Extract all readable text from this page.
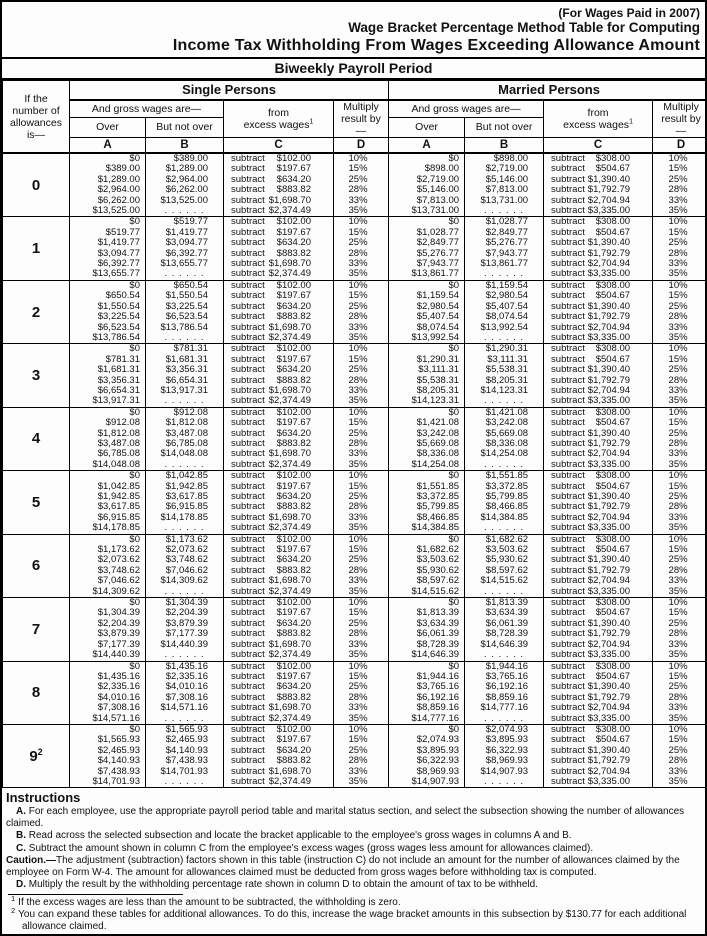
(For Wages Paid in 2007)
Wage Bracket Percentage Method Table for Computing
Income Tax Withholding From Wages Exceeding Allowance Amount
Biweekly Payroll Period
If the number of allowances is—	Single Persons				Married Persons			
	And gross wages are—		from
excess wages$^1$	Multiply result by—	And gross wages are—		from
excess wages$^1$	Multiply result by—
	Over	But not over			Over	But not over		
	A	B	C	D	A	B	C	D
0	$0	$389.00	subtract $102.00	10%	$0	$898.00	subtract $308.00	10%
	$389.00	$1,289.00	subtract $197.67	15%	$898.00	$2,719.00	subtract $504.67	15%
	$1,289.00	$2,964.00	subtract $634.20	25%	$2,719.00	$5,146.00	subtract $1,390.40	25%
	$2,964.00	$6,262.00	subtract $883.82	28%	$5,146.00	$7,813.00	subtract $1,792.79	28%
	$6,262.00	$13,525.00	subtract $1,698.70	33%	$7,813.00	$13,731.00	subtract $2,704.94	33%
	$13,525.00	. . . . . .	subtract $2,374.49	35%	$13,731.00	. . . . . .	subtract $3,335.00	35%
1	$0	$519.77	subtract $102.00	10%	$0	$1,028.77	subtract $308.00	10%
	$519.77	$1,419.77	subtract $197.67	15%	$1,028.77	$2,849.77	subtract $504.67	15%
	$1,419.77	$3,094.77	subtract $634.20	25%	$2,849.77	$5,276.77	subtract $1,390.40	25%
	$3,094.77	$6,392.77	subtract $883.82	28%	$5,276.77	$7,943.77	subtract $1,792.79	28%
	$6,392.77	$13,655.77	subtract $1,698.70	33%	$7,943.77	$13,861.77	subtract $2,704.94	33%
	$13,655.77	. . . . . .	subtract $2,374.49	35%	$13,861.77	. . . . . .	subtract $3,335.00	35%
2	$0	$650.54	subtract $102.00	10%	$0	$1,159.54	subtract $308.00	10%
	$650.54	$1,550.54	subtract $197.67	15%	$1,159.54	$2,980.54	subtract $504.67	15%
	$1,550.54	$3,225.54	subtract $634.20	25%	$2,980.54	$5,407.54	subtract $1,390.40	25%
	$3,225.54	$6,523.54	subtract $883.82	28%	$5,407.54	$8,074.54	subtract $1,792.79	28%
	$6,523.54	$13,786.54	subtract $1,698.70	33%	$8,074.54	$13,992.54	subtract $2,704.94	33%
	$13,786.54	. . . . . .	subtract $2,374.49	35%	$13,992.54	. . . . . .	subtract $3,335.00	35%
3	$0	$781.31	subtract $102.00	10%	$0	$1,290.31	subtract $308.00	10%
	$781.31	$1,681.31	subtract $197.67	15%	$1,290.31	$3,111.31	subtract $504.67	15%
	$1,681.31	$3,356.31	subtract $634.20	25%	$3,111.31	$5,538.31	subtract $1,390.40	25%
	$3,356.31	$6,654.31	subtract $883.82	28%	$5,538.31	$8,205.31	subtract $1,792.79	28%
	$6,654.31	$13,917.31	subtract $1,698.70	33%	$8,205.31	$14,123.31	subtract $2,704.94	33%
	$13,917.31	. . . . . .	subtract $2,374.49	35%	$14,123.31	. . . . . .	subtract $3,335.00	35%
4	$0	$912.08	subtract $102.00	10%	$0	$1,421.08	subtract $308.00	10%
	$912.08	$1,812.08	subtract $197.67	15%	$1,421.08	$3,242.08	subtract $504.67	15%
	$1,812.08	$3,487.08	subtract $634.20	25%	$3,242.08	$5,669.08	subtract $1,390.40	25%
	$3,487.08	$6,785.08	subtract $883.82	28%	$5,669.08	$8,336.08	subtract $1,792.79	28%
	$6,785.08	$14,048.08	subtract $1,698.70	33%	$8,336.08	$14,254.08	subtract $2,704.94	33%
	$14,048.08	. . . . . .	subtract $2,374.49	35%	$14,254.08	. . . . . .	subtract $3,335.00	35%
5	$0	$1,042.85	subtract $102.00	10%	$0	$1,551.85	subtract $308.00	10%
	$1,042.85	$1,942.85	subtract $197.67	15%	$1,551.85	$3,372.85	subtract $504.67	15%
	$1,942.85	$3,617.85	subtract $634.20	25%	$3,372.85	$5,799.85	subtract $1,390.40	25%
	$3,617.85	$6,915.85	subtract $883.82	28%	$5,799.85	$8,466.85	subtract $1,792.79	28%
	$6,915.85	$14,178.85	subtract $1,698.70	33%	$8,466.85	$14,384.85	subtract $2,704.94	33%
	$14,178.85	. . . . . .	subtract $2,374.49	35%	$14,384.85	. . . . . .	subtract $3,335.00	35%
6	$0	$1,173.62	subtract $102.00	10%	$0	$1,682.62	subtract $308.00	10%
	$1,173.62	$2,073.62	subtract $197.67	15%	$1,682.62	$3,503.62	subtract $504.67	15%
	$2,073.62	$3,748.62	subtract $634.20	25%	$3,503.62	$5,930.62	subtract $1,390.40	25%
	$3,748.62	$7,046.62	subtract $883.82	28%	$5,930.62	$8,597.62	subtract $1,792.79	28%
	$7,046.62	$14,309.62	subtract $1,698.70	33%	$8,597.62	$14,515.62	subtract $2,704.94	33%
	$14,309.62	. . . . . .	subtract $2,374.49	35%	$14,515.62	. . . . . .	subtract $3,335.00	35%
7	$0	$1,304.39	subtract $102.00	10%	$0	$1,813.39	subtract $308.00	10%
	$1,304.39	$2,204.39	subtract $197.67	15%	$1,813.39	$3,634.39	subtract $504.67	15%
	$2,204.39	$3,879.39	subtract $634.20	25%	$3,634.39	$6,061.39	subtract $1,390.40	25%
	$3,879.39	$7,177.39	subtract $883.82	28%	$6,061.39	$8,728.39	subtract $1,792.79	28%
	$7,177.39	$14,440.39	subtract $1,698.70	33%	$8,728.39	$14,646.39	subtract $2,704.94	33%
	$14,440.39	. . . . . .	subtract $2,374.49	35%	$14,646.39	. . . . . .	subtract $3,335.00	35%
8	$0	$1,435.16	subtract $102.00	10%	$0	$1,944.16	subtract $308.00	10%
	$1,435.16	$2,335.16	subtract $197.67	15%	$1,944.16	$3,765.16	subtract $504.67	15%
	$2,335.16	$4,010.16	subtract $634.20	25%	$3,765.16	$6,192.16	subtract $1,390.40	25%
	$4,010.16	$7,308.16	subtract $883.82	28%	$6,192.16	$8,859.16	subtract $1,792.79	28%
	$7,308.16	$14,571.16	subtract $1,698.70	33%	$8,859.16	$14,777.16	subtract $2,704.94	33%
	$14,571.16	. . . . . .	subtract $2,374.49	35%	$14,777.16	. . . . . .	subtract $3,335.00	35%
$9^2$	$0	$1,565.93	subtract $102.00	10%	$0	$2,074.93	subtract $308.00	10%
	$1,565.93	$2,465.93	subtract $197.67	15%	$2,074.93	$3,895.93	subtract $504.67	15%
	$2,465.93	$4,140.93	subtract $634.20	25%	$3,895.93	$6,322.93	subtract $1,390.40	25%
	$4,140.93	$7,438.93	subtract $883.82	28%	$6,322.93	$8,969.93	subtract $1,792.79	28%
	$7,438.93	$14,701.93	subtract $1,698.70	33%	$8,969.93	$14,907.93	subtract $2,704.94	33%
	$14,701.93	. . . . . .	subtract $2,374.49	35%	$14,907.93	. . . . . .	subtract $3,335.00	35%
Instructions

A. For each employee, use the appropriate payroll period table and marital status section, and select the subsection showing the number of allowances claimed.

B. Read across the selected subsection and locate the bracket applicable to the employee's gross wages in columns A and B.

C. Subtract the amount shown in column C from the employee's excess wages (gross wages less amount for allowances claimed).

Caution.—The adjustment (subtraction) factors shown in this table (instruction C) do not include an amount for the number of allowances claimed by the employee on Form W-4. The amount for allowances claimed must be deducted from gross wages before withholding tax is computed.

D. Multiply the result by the withholding percentage rate shown in column D to obtain the amount of tax to be withheld.

$^1$ If the excess wages are less than the amount to be subtracted, the withholding is zero.

$^2$ You can expand these tables for additional allowances. To do this, increase the wage bracket amounts in this subsection by $130.77 for each additional allowance claimed.
